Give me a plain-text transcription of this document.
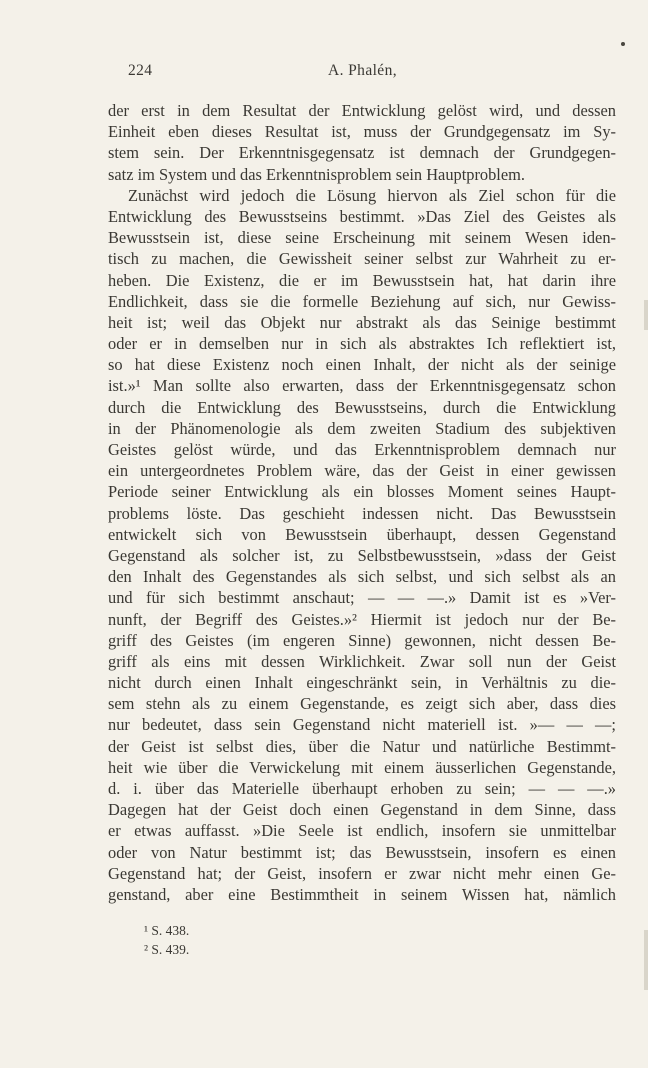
224	A. Phalén,
der erst in dem Resultat der Entwicklung gelöst wird, und dessen
Einheit eben dieses Resultat ist, muss der Grundgegensatz im Sy-
stem sein. Der Erkenntnisgegensatz ist demnach der Grundgegen-
satz im System und das Erkenntnisproblem sein Hauptproblem.
Zunächst wird jedoch die Lösung hiervon als Ziel schon für die
Entwicklung des Bewusstseins bestimmt. »Das Ziel des Geistes als
Bewusstsein ist, diese seine Erscheinung mit seinem Wesen iden-
tisch zu machen, die Gewissheit seiner selbst zur Wahrheit zu er-
heben. Die Existenz, die er im Bewusstsein hat, hat darin ihre
Endlichkeit, dass sie die formelle Beziehung auf sich, nur Gewiss-
heit ist; weil das Objekt nur abstrakt als das Seinige bestimmt
oder er in demselben nur in sich als abstraktes Ich reflektiert ist,
so hat diese Existenz noch einen Inhalt, der nicht als der seinige
ist.»¹ Man sollte also erwarten, dass der Erkenntnisgegensatz schon
durch die Entwicklung des Bewusstseins, durch die Entwicklung
in der Phänomenologie als dem zweiten Stadium des subjektiven
Geistes gelöst würde, und das Erkenntnisproblem demnach nur
ein untergeordnetes Problem wäre, das der Geist in einer gewissen
Periode seiner Entwicklung als ein blosses Moment seines Haupt-
problems löste. Das geschieht indessen nicht. Das Bewusstsein
entwickelt sich von Bewusstsein überhaupt, dessen Gegenstand
Gegenstand als solcher ist, zu Selbstbewusstsein, »dass der Geist
den Inhalt des Gegenstandes als sich selbst, und sich selbst als an
und für sich bestimmt anschaut; — — —.» Damit ist es »Ver-
nunft, der Begriff des Geistes.»² Hiermit ist jedoch nur der Be-
griff des Geistes (im engeren Sinne) gewonnen, nicht dessen Be-
griff als eins mit dessen Wirklichkeit. Zwar soll nun der Geist
nicht durch einen Inhalt eingeschränkt sein, in Verhältnis zu die-
sem stehn als zu einem Gegenstande, es zeigt sich aber, dass dies
nur bedeutet, dass sein Gegenstand nicht materiell ist. »— — —;
der Geist ist selbst dies, über die Natur und natürliche Bestimmt-
heit wie über die Verwickelung mit einem äusserlichen Gegenstande,
d. i. über das Materielle überhaupt erhoben zu sein; — — —.»
Dagegen hat der Geist doch einen Gegenstand in dem Sinne, dass
er etwas auffasst. »Die Seele ist endlich, insofern sie unmittelbar
oder von Natur bestimmt ist; das Bewusstsein, insofern es einen
Gegenstand hat; der Geist, insofern er zwar nicht mehr einen Ge-
genstand, aber eine Bestimmtheit in seinem Wissen hat, nämlich
¹ S. 438.
² S. 439.
